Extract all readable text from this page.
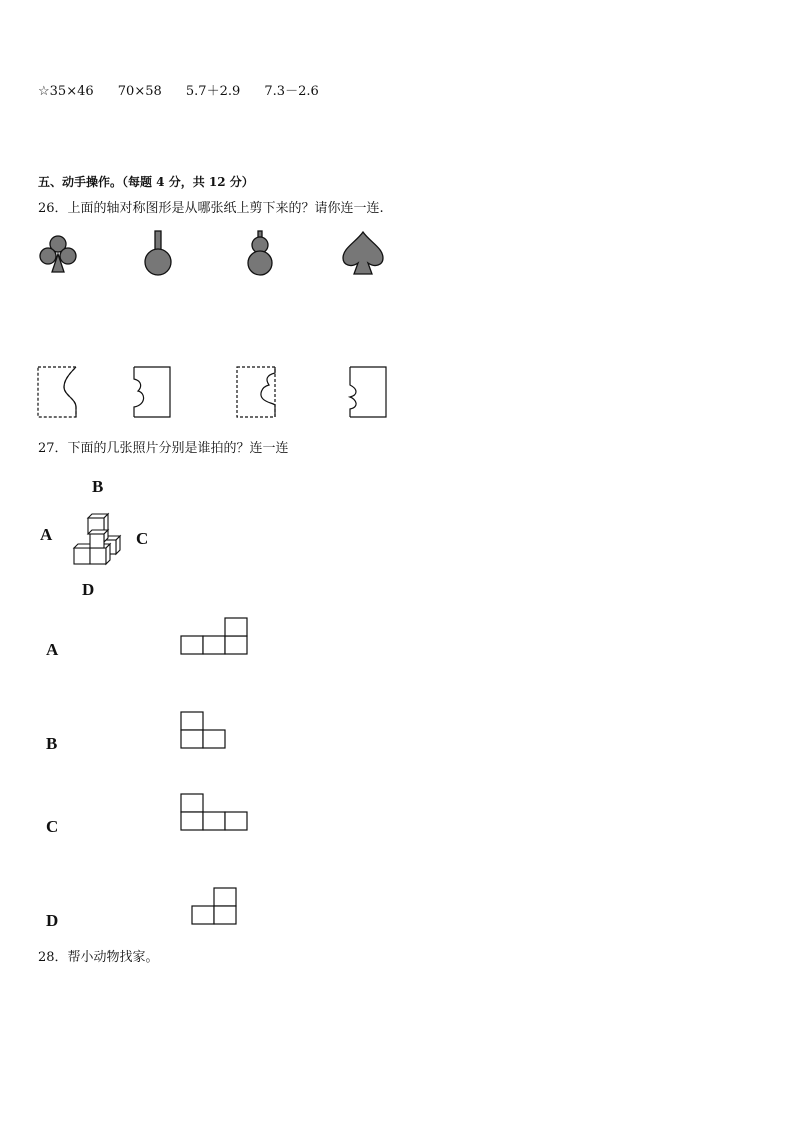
☆35×46 70×58 5.7＋2.9 7.3－2.6
五、动手操作。（每题 4 分，共 12 分）
26．上面的轴对称图形是从哪张纸上剪下来的？请你连一连.
27．下面的几张照片分别是谁拍的？连一连
B
A	C
D
A
B
C
D
28．帮小动物找家。
